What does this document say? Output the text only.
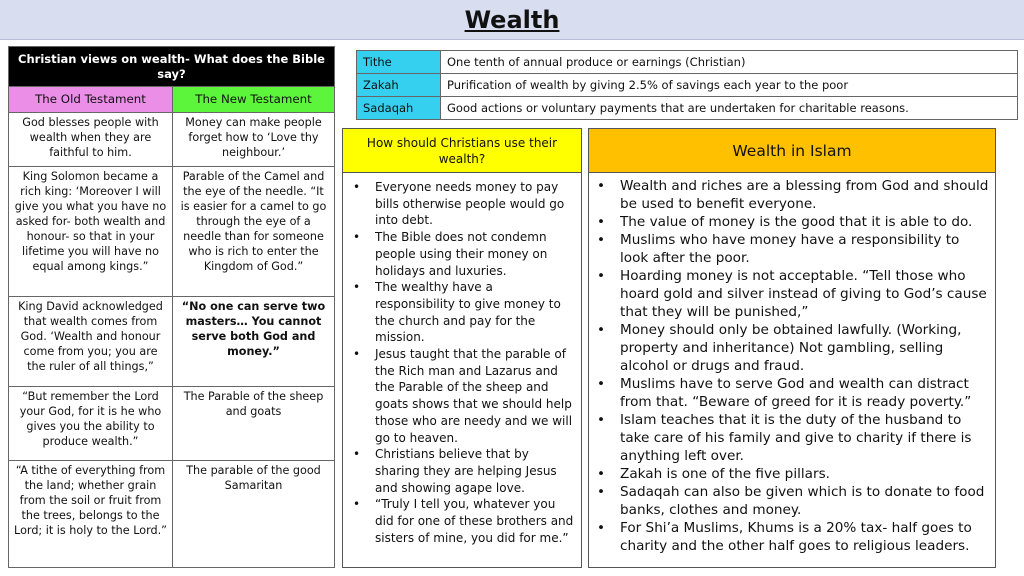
Wealth
Christian views on wealth- What does the Bible say?	
The Old Testament	The New Testament
God blesses people with wealth when they are faithful to him.	Money can make people forget how to ‘Love thy neighbour.’
King Solomon became a rich king: ‘Moreover I will give you what you have no asked for- both wealth and honour- so that in your lifetime you will have no equal among kings.”	Parable of the Camel and the eye of the needle. “It is easier for a camel to go through the eye of a needle than for someone who is rich to enter the Kingdom of God.”
King David acknowledged that wealth comes from God. ‘Wealth and honour come from you; you are the ruler of all things,”	“No one can serve two masters… You cannot serve both God and money.”
“But remember the Lord your God, for it is he who gives you the ability to produce wealth.”	The Parable of the sheep and goats
“A tithe of everything from the land; whether grain from the soil or fruit from the trees, belongs to the Lord; it is holy to the Lord.”	The parable of the good Samaritan
Tithe	One tenth of annual produce or earnings (Christian)
Zakah	Purification of wealth by giving 2.5% of savings each year to the poor
Sadaqah	Good actions or voluntary payments that are undertaken for charitable reasons.
How should Christians use their wealth?
• Everyone needs money to pay bills otherwise people would go into debt.
• The Bible does not condemn people using their money on holidays and luxuries.
• The wealthy have a responsibility to give money to the church and pay for the mission.
• Jesus taught that the parable of the Rich man and Lazarus and the Parable of the sheep and goats shows that we should help those who are needy and we will go to heaven.
• Christians believe that by sharing they are helping Jesus and showing agape love.
• “Truly I tell you, whatever you did for one of these brothers and sisters of mine, you did for me.”
Wealth in Islam
• Wealth and riches are a blessing from God and should be used to benefit everyone.
• The value of money is the good that it is able to do.
• Muslims who have money have a responsibility to look after the poor.
• Hoarding money is not acceptable. “Tell those who hoard gold and silver instead of giving to God’s cause that they will be punished,”
• Money should only be obtained lawfully. (Working, property and inheritance) Not gambling, selling alcohol or drugs and fraud.
• Muslims have to serve God and wealth can distract from that. “Beware of greed for it is ready poverty.”
• Islam teaches that it is the duty of the husband to take care of his family and give to charity if there is anything left over.
• Zakah is one of the five pillars.
• Sadaqah can also be given which is to donate to food banks, clothes and money.
• For Shi’a Muslims, Khums is a 20% tax- half goes to charity and the other half goes to religious leaders.
